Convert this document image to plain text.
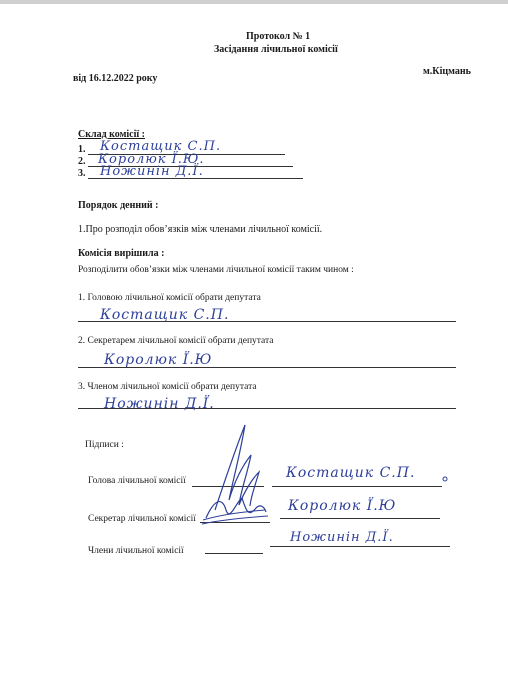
Протокол № 1
Засідання лічильної комісії
від 16.12.2022 року
м.Кіцмань
Склад комісії :
1. Костащик С.П.
2. Королюк Ї.Ю.
3. Ножинін Д.Ї.
Порядок денний :
1.Про розподіл обов’язків між членами лічильної комісії.
Комісія вирішила :
Розподілити обов’язки між членами лічильної комісії таким чином :
1. Головою лічильної комісії обрати депутата
Костащик С.П.
2. Секретарем лічильної комісії обрати депутата
Королюк Ї.Ю
3. Членом лічильної комісії обрати депутата
Ножинін Д.Ї.
Підписи :
Голова лічильної комісії	Костащик С.П.
Секретар лічильної комісії
Королюк Ї.Ю
Члени лічильної комісії
Ножинін Д.Ї.
